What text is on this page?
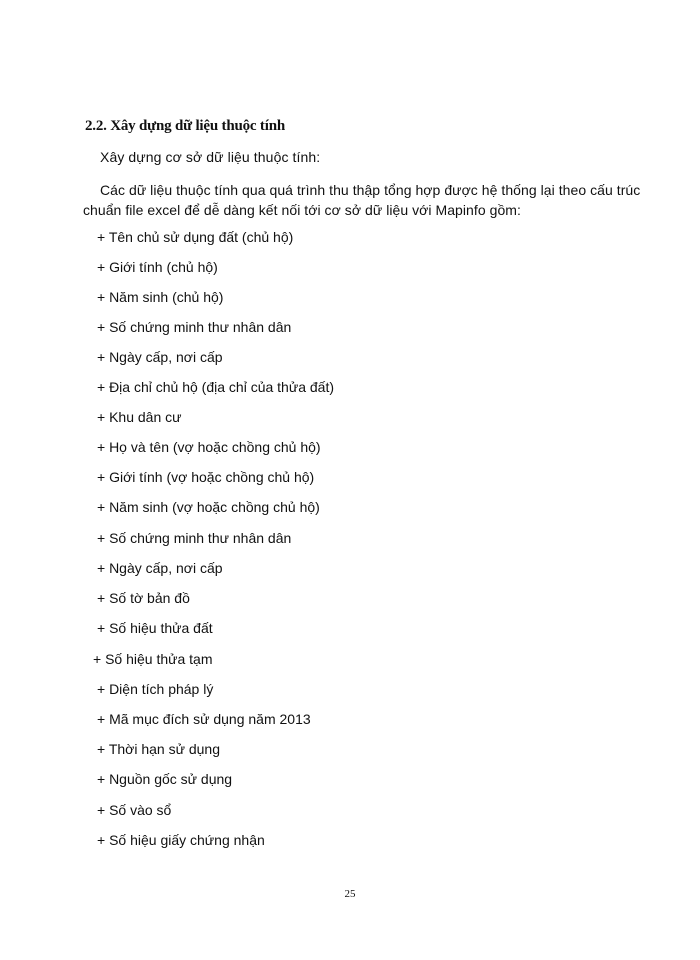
2.2. Xây dựng dữ liệu thuộc tính
Xây dựng cơ sở dữ liệu thuộc tính:
Các dữ liệu thuộc tính qua quá trình thu thập tổng hợp được hệ thống lại theo cấu trúc
chuẩn file excel để dễ dàng kết nối tới cơ sở dữ liệu với Mapinfo gồm:
+ Tên chủ sử dụng đất (chủ hộ)
+ Giới tính (chủ hộ)
+ Năm sinh (chủ hộ)
+ Số chứng minh thư nhân dân
+ Ngày cấp, nơi cấp
+ Địa chỉ chủ hộ (địa chỉ của thửa đất)
+ Khu dân cư
+ Họ và tên (vợ hoặc chồng chủ hộ)
+ Giới tính (vợ hoặc chồng chủ hộ)
+ Năm sinh (vợ hoặc chồng chủ hộ)
+ Số chứng minh thư nhân dân
+ Ngày cấp, nơi cấp
+ Số tờ bản đồ
+ Số hiệu thửa đất
+ Số hiệu thửa tạm
+ Diện tích pháp lý
+ Mã mục đích sử dụng năm 2013
+ Thời hạn sử dụng
+ Nguồn gốc sử dụng
+ Số vào sổ
+ Số hiệu giấy chứng nhận
25
